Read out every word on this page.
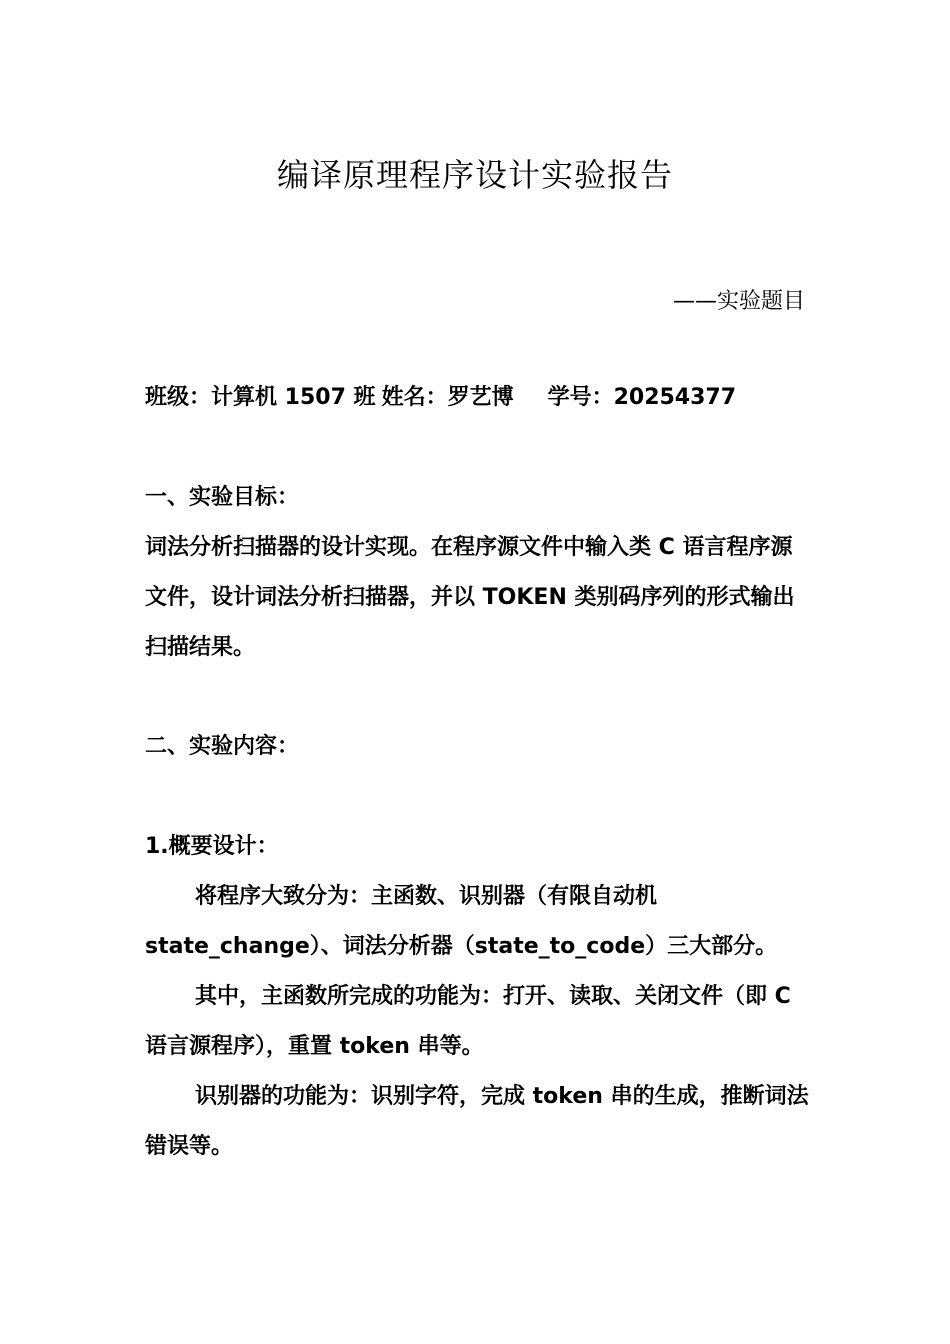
编译原理程序设计实验报告
——实验题目
班级：计算机 1507 班 姓名：罗艺博 学号：20254377

一、实验目标：

词法分析扫描器的设计实现。在程序源文件中输入类 C 语言程序源文件，设计词法分析扫描器，并以 TOKEN 类别码序列的形式输出扫描结果。

二、实验内容：

1.概要设计：

将程序大致分为：主函数、识别器（有限自动机 state_change）、词法分析器（state_to_code）三大部分。

其中，主函数所完成的功能为：打开、读取、关闭文件（即 C 语言源程序），重置 token 串等。

识别器的功能为：识别字符，完成 token 串的生成，推断词法错误等。
